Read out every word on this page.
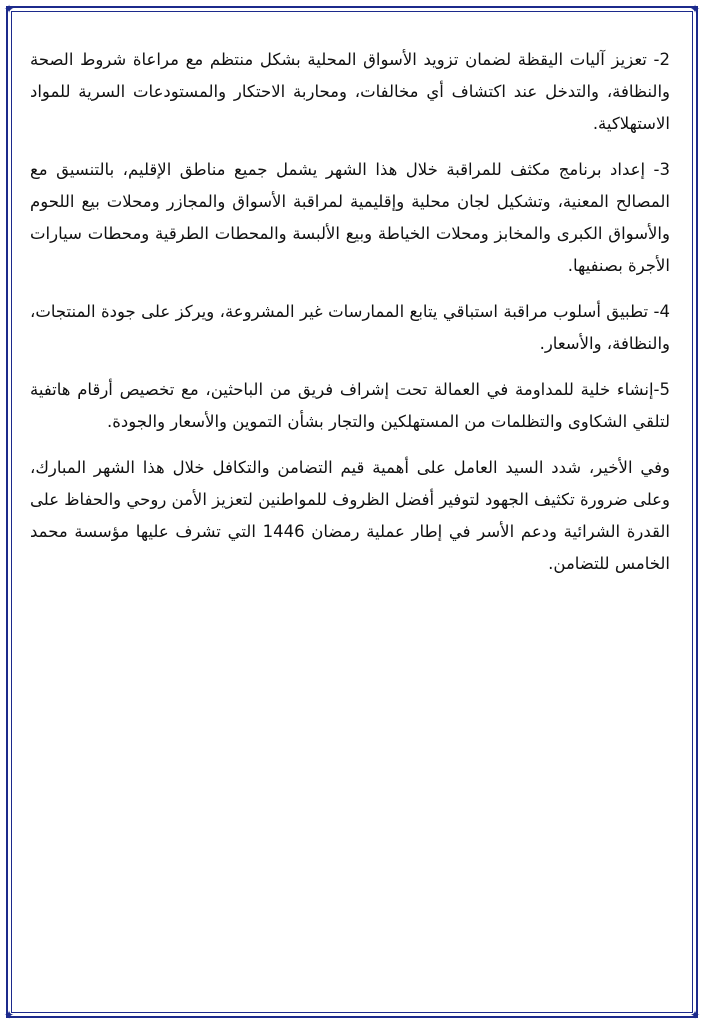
✦	✦
✦	✦

2- تعزيز آليات اليقظة لضمان تزويد الأسواق المحلية بشكل منتظم مع مراعاة شروط الصحة والنظافة، والتدخل عند اكتشاف أي مخالفات، ومحاربة الاحتكار والمستودعات السرية للمواد الاستهلاكية.

3- إعداد برنامج مكثف للمراقبة خلال هذا الشهر يشمل جميع مناطق الإقليم، بالتنسيق مع المصالح المعنية، وتشكيل لجان محلية وإقليمية لمراقبة الأسواق والمجازر ومحلات بيع اللحوم والأسواق الكبرى والمخابز ومحلات الخياطة وبيع الألبسة والمحطات الطرقية ومحطات سيارات الأجرة بصنفيها.

4- تطبيق أسلوب مراقبة استباقي يتابع الممارسات غير المشروعة، ويركز على جودة المنتجات، والنظافة، والأسعار.

5-إنشاء خلية للمداومة في العمالة تحت إشراف فريق من الباحثين، مع تخصيص أرقام هاتفية لتلقي الشكاوى والتظلمات من المستهلكين والتجار بشأن التموين والأسعار والجودة.

وفي الأخير، شدد السيد العامل على أهمية قيم التضامن والتكافل خلال هذا الشهر المبارك، وعلى ضرورة تكثيف الجهود لتوفير أفضل الظروف للمواطنين لتعزيز الأمن روحي والحفاظ على القدرة الشرائية ودعم الأسر في إطار عملية رمضان 1446 التي تشرف عليها مؤسسة محمد الخامس للتضامن.
